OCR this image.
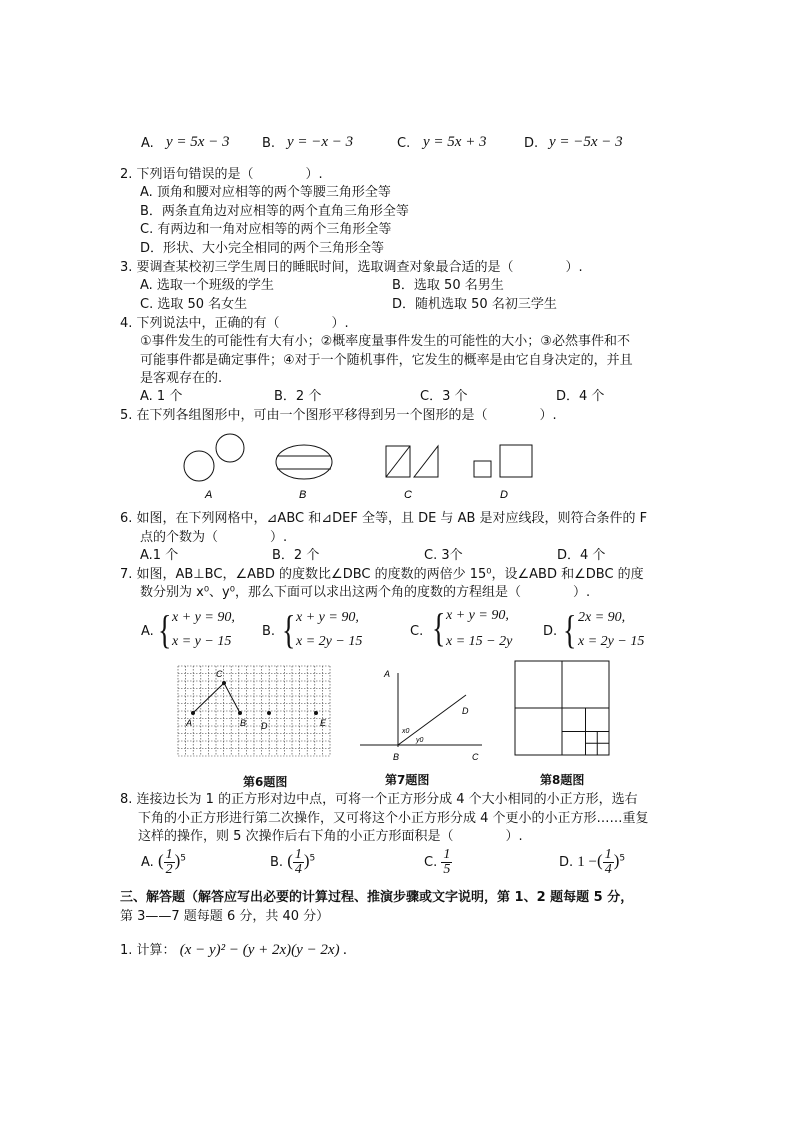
A. y = 5x − 3 B. y = −x − 3	C. y = 5x + 3	D. y = −5x − 3
2. 下列语句错误的是（　　　　）.
A. 顶角和腰对应相等的两个等腰三角形全等
B．两条直角边对应相等的两个直角三角形全等
C. 有两边和一角对应相等的两个三角形全等
D．形状、大小完全相同的两个三角形全等
3. 要调查某校初三学生周日的睡眠时间，选取调查对象最合适的是（　　　　）.
A. 选取一个班级的学生	B．选取 50 名男生
C. 选取 50 名女生	D．随机选取 50 名初三学生
4. 下列说法中，正确的有（　　　　）.
①事件发生的可能性有大有小；②概率度量事件发生的可能性的大小；③必然事件和不
可能事件都是确定事件；④对于一个随机事件，它发生的概率是由它自身决定的，并且
是客观存在的.
A. 1 个	B．2 个	C．3 个	D．4 个
5. 在下列各组图形中，可由一个图形平移得到另一个图形的是（　　　　）.
A	B	C	D
6. 如图，在下列网格中，⊿ABC 和⊿DEF 全等，且 DE 与 AB 是对应线段，则符合条件的 F
点的个数为（　　　　）.
A.1 个	B．2 个	C. 3个	D．4 个
7. 如图，AB⊥BC，∠ABD 的度数比∠DBC 的度数的两倍少 15⁰，设∠ABD 和∠DBC 的度
数分别为 x⁰、y⁰，那么下面可以求出这两个角的度数的方程组是（　　　　）.
A. { x + y = 90,
x = y − 15
B. { x + y = 90,
x = 2y − 15
C. { x + y = 90,
x = 15 − 2y
D. { 2x = 90,
x = 2y − 15
A	B
C
D	E
A
D
x0
y0
B	C
第6题图	第7题图	第8题图
8. 连接边长为 1 的正方形对边中点，可将一个正方形分成 4 个大小相同的小正方形，选右
下角的小正方形进行第二次操作，又可将这个小正方形分成 4 个更小的小正方形……重复
这样的操作，则 5 次操作后右下角的小正方形面积是（　　　　）.
A. ( $\frac{1}{2} )^5$	B. ( $\frac{1}{4} )^5$	C. $\frac{1}{5}$	D. 1 −( $\frac{1}{4} )^5$
三、解答题（解答应写出必要的计算过程、推演步骤或文字说明，第 1、2 题每题 5 分，
第 3——7 题每题 6 分，共 40 分）
1. 计算： (x − y)² − (y + 2x)(y − 2x) .
